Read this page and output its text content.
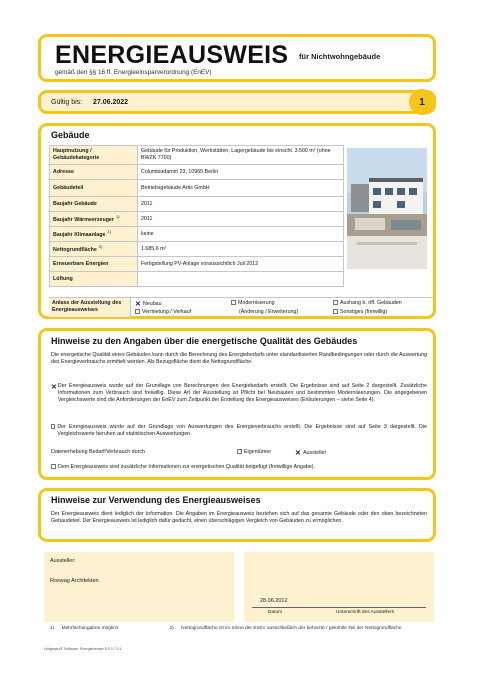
ENERGIEAUSWEIS für Nichtwohngebäude
gemäß den §§ 16 ff. Energieeinsparverordnung (EnEV)
Gültig bis: 27.06.2022	1
Gebäude
Hauptnutzung / Gebäudekategorie	Gebäude für Produktion, Werkstätten, Lagergebäude bis einschl. 3.500 m² (ohne BWZK 7700)
Adresse	Columbiadamm 23, 10965 Berlin
Gebäudeteil	Betriebsgebäude Artis GmbH
Baujahr Gebäude	2011
Baujahr Wärmeerzeuger$^{1)}$	2011
Baujahr Klimaanlage$^{1)}$	keine
Nettogrundfläche$^{2)}$	1.685,6 m²
Erneuerbare Energien	Fertigstellung PV-Anlage voraussichtlich Juli 2012
Lüftung	
Anlass der Ausstellung des Energieausweises
✕ Neubau	Modernisierung	Aushang b. öff. Gebäuden
Vermietung / Verkauf	(Änderung / Erweiterung)	Sonstiges (freiwillig)
Hinweise zu den Angaben über die energetische Qualität des Gebäudes
Die energetische Qualität eines Gebäudes kann durch die Berechnung des Energiebedarfs unter standardisierten Randbedingungen oder durch die Auswertung des Energieverbrauchs ermittelt werden. Als Bezugsfläche dient die Nettogrundfläche.
✕ Der Energieausweis wurde auf der Grundlage von Berechnungen des Energiebedarfs erstellt. Die Ergebnisse sind auf Seite 2 dargestellt. Zusätzliche Informationen zum Verbrauch sind freiwillig. Diese Art der Ausstellung ist Pflicht bei Neubauten und bestimmten Modernisierungen. Die angegebenen Vergleichswerte sind die Anforderungen der EnEV zum Zeitpunkt der Erstellung des Energieausweises (Erläuterungen – siehe Seite 4).
Der Energieausweis wurde auf der Grundlage von Auswertungen des Energieverbrauchs erstellt. Die Ergebnisse sind auf Seite 3 dargestellt. Die Vergleichswerte beruhen auf statistischen Auswertungen.
Datenerhebung Bedarf/Verbrauch durch	Eigentümer	✕ Aussteller
Dem Energieausweis sind zusätzliche Informationen zur energetischen Qualität beigefügt (freiwillige Angabe).
Hinweise zur Verwendung des Energieausweises
Der Energieausweis dient lediglich der Information. Die Angaben im Energieausweis beziehen sich auf das gesamte Gebäude oder den oben bezeichneten Gebäudeteil. Der Energieausweis ist lediglich dafür gedacht, einen überschlägigen Vergleich von Gebäuden zu ermöglichen.
Aussteller:
Roswag Architekten
28.06.2012
Datum	Unterschrift des Ausstellers
1) Mehrfachangaben möglich	2) Nettogrundfläche ist im Sinne der EnEV ausschließlich der beheizte / gekühlte Teil der Nettogrundfläche
Hofgesetz® Software, Energieberater 5.0.0 7.0.1
